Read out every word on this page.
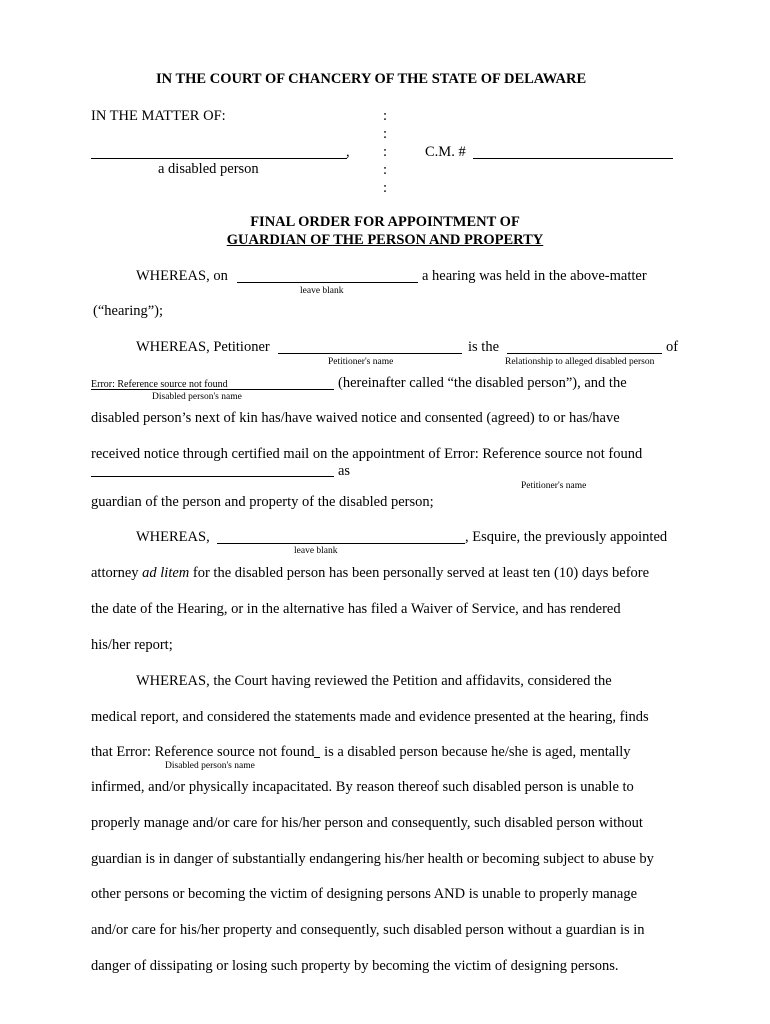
IN THE COURT OF CHANCERY OF THE STATE OF DELAWARE
IN THE MATTER OF:	:
:
, :	C.M. #
a disabled person	:
:
FINAL ORDER FOR APPOINTMENT OF
GUARDIAN OF THE PERSON AND PROPERTY
WHEREAS, on	a hearing was held in the above-matter
leave blank
(“hearing”);
WHEREAS, Petitioner	is the	of
Petitioner's name	Relationship to alleged disabled person
Error: Reference source not found	(hereinafter called “the disabled person”), and the
Disabled person's name
disabled person’s next of kin has/have waived notice and consented (agreed) to or has/have
received notice through certified mail on the appointment of Error: Reference source not found
as
Petitioner's name
guardian of the person and property of the disabled person;
WHEREAS,	, Esquire, the previously appointed
leave blank
attorney ad litem for the disabled person has been personally served at least ten (10) days before
the date of the Hearing, or in the alternative has filed a Waiver of Service, and has rendered
his/her report;
WHEREAS, the Court having reviewed the Petition and affidavits, considered the
medical report, and considered the statements made and evidence presented at the hearing, finds
that Error: Reference source not found is a disabled person because he/she is aged, mentally
Disabled person's name
infirmed, and/or physically incapacitated. By reason thereof such disabled person is unable to
properly manage and/or care for his/her person and consequently, such disabled person without
guardian is in danger of substantially endangering his/her health or becoming subject to abuse by
other persons or becoming the victim of designing persons AND is unable to properly manage
and/or care for his/her property and consequently, such disabled person without a guardian is in
danger of dissipating or losing such property by becoming the victim of designing persons.
